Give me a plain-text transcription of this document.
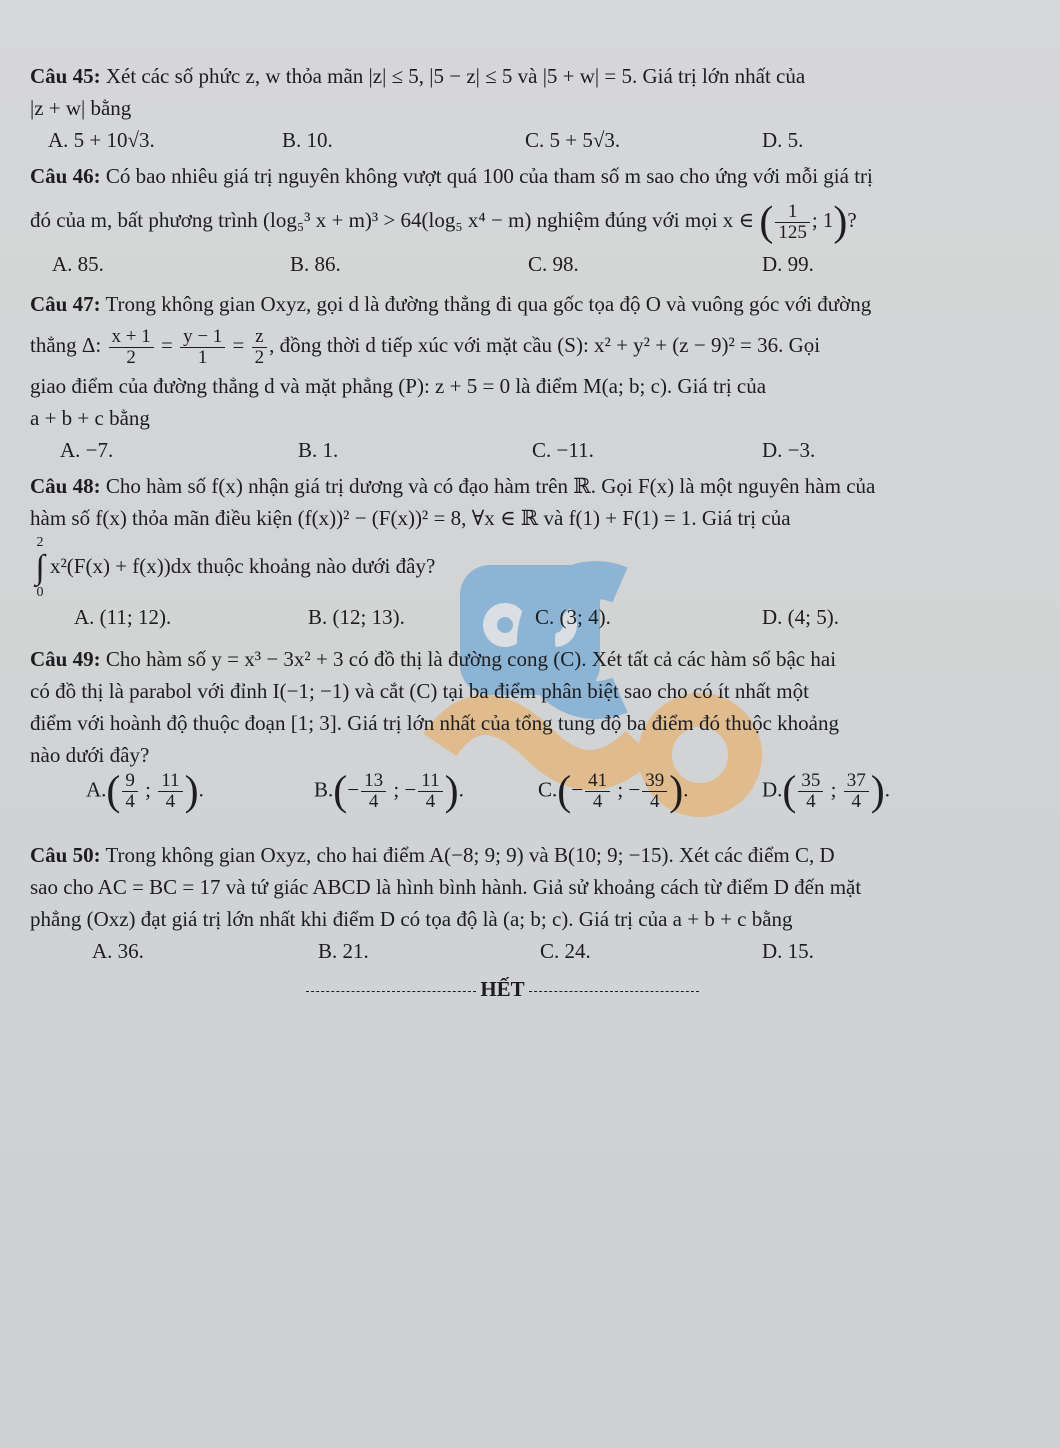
Câu 45: Xét các số phức z, w thỏa mãn |z| ≤ 5, |5 − z| ≤ 5 và |5 + w| = 5. Giá trị lớn nhất của

|z + w| bằng

A. 5 + 10√3.	B. 10.	C. 5 + 5√3.	D. 5.

Câu 46: Có bao nhiêu giá trị nguyên không vượt quá 100 của tham số m sao cho ứng với mỗi giá trị

đó của m, bất phương trình (log₅³ x + m)³ > 64(log₅ x⁴ − m) nghiệm đúng với mọi x ∈ ( $\frac{1}{125}$ ; 1)?

A. 85.	B. 86.	C. 98.	D. 99.

Câu 47: Trong không gian Oxyz, gọi d là đường thẳng đi qua gốc tọa độ O và vuông góc với đường

thẳng Δ: $\frac{x + 1}{2} = \frac{y - 1}{1} = \frac{z}{2}$ , đồng thời d tiếp xúc với mặt cầu (S): x² + y² + (z − 9)² = 36. Gọi

giao điểm của đường thẳng d và mặt phẳng (P): z + 5 = 0 là điểm M(a; b; c). Giá trị của

a + b + c bằng

A. −7.	B. 1.	C. −11.	D. −3.

Câu 48: Cho hàm số f(x) nhận giá trị dương và có đạo hàm trên ℝ. Gọi F(x) là một nguyên hàm của

hàm số f(x) thỏa mãn điều kiện (f(x))² − (F(x))² = 8, ∀x ∈ ℝ và f(1) + F(1) = 1. Giá trị của

2
∫
0x²(F(x) + f(x))dx thuộc khoảng nào dưới đây?

A. (11; 12).	B. (12; 13).	C. (3; 4).	D. (4; 5).

Câu 49: Cho hàm số y = x³ − 3x² + 3 có đồ thị là đường cong (C). Xét tất cả các hàm số bậc hai

có đồ thị là parabol với đỉnh I(−1; −1) và cắt (C) tại ba điểm phân biệt sao cho có ít nhất một

điểm với hoành độ thuộc đoạn [1; 3]. Giá trị lớn nhất của tổng tung độ ba điểm đó thuộc khoảng

nào dưới đây?

$A.( \frac{9}{4}$ ; $\frac{11}{4}$ ).	$B.(- \frac{13}{4}$ ; − $\frac{11}{4}$ ).	$C.(- \frac{41}{4}$ ; − $\frac{39}{4}$ ).	$D.( \frac{35}{4}$ ; $\frac{37}{4}$ ).

Câu 50: Trong không gian Oxyz, cho hai điểm A(−8; 9; 9) và B(10; 9; −15). Xét các điểm C, D

sao cho AC = BC = 17 và tứ giác ABCD là hình bình hành. Giả sử khoảng cách từ điểm D đến mặt

phẳng (Oxz) đạt giá trị lớn nhất khi điểm D có tọa độ là (a; b; c). Giá trị của a + b + c bằng

A. 36.	B. 21.	C. 24.	D. 15.
HẾT
